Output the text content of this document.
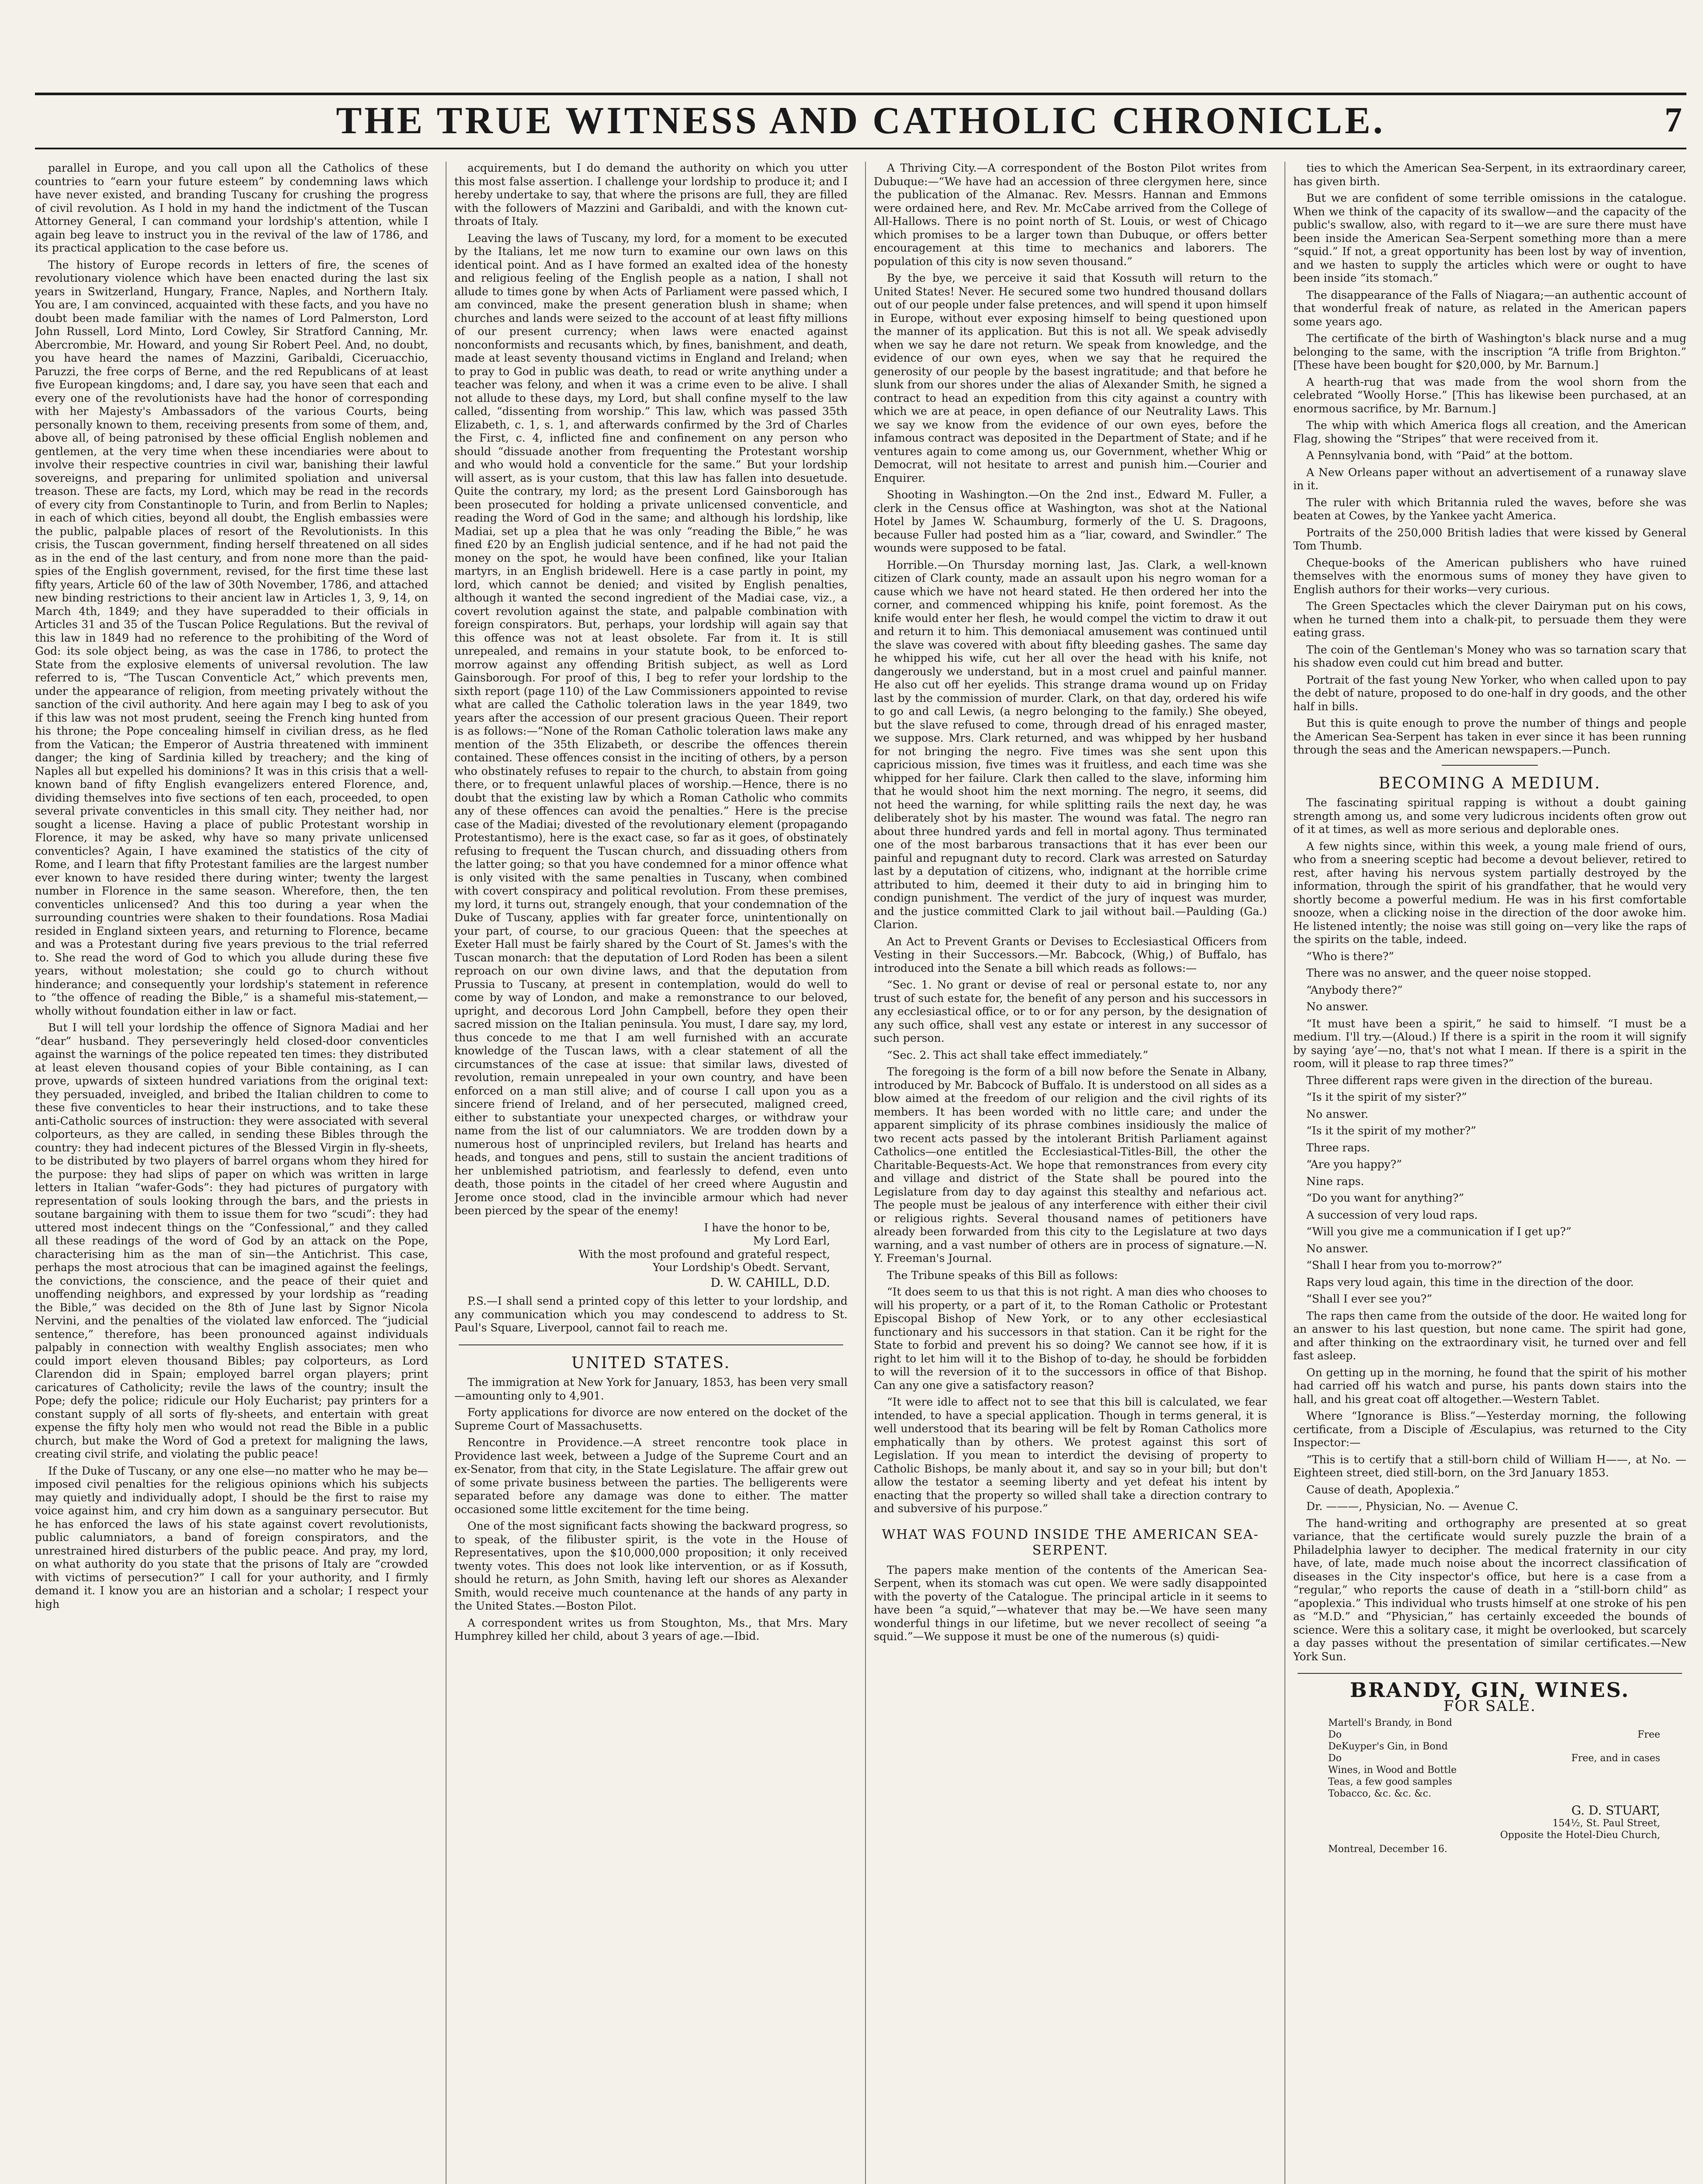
THE TRUE WITNESS AND CATHOLIC CHRONICLE.	7

parallel in Europe, and you call upon all the Catholics of these countries to “earn your future esteem” by condemning laws which have never existed, and branding Tuscany for crushing the progress of civil revolution. As I hold in my hand the indictment of the Tuscan Attorney General, I can command your lordship's attention, while I again beg leave to instruct you in the revival of the law of 1786, and its practical application to the case before us.

The history of Europe records in letters of fire, the scenes of revolutionary violence which have been enacted during the last six years in Switzerland, Hungary, France, Naples, and Northern Italy. You are, I am convinced, acquainted with these facts, and you have no doubt been made familiar with the names of Lord Palmerston, Lord John Russell, Lord Minto, Lord Cowley, Sir Stratford Canning, Mr. Abercrombie, Mr. Howard, and young Sir Robert Peel. And, no doubt, you have heard the names of Mazzini, Garibaldi, Ciceruacchio, Paruzzi, the free corps of Berne, and the red Republicans of at least five European kingdoms; and, I dare say, you have seen that each and every one of the revolutionists have had the honor of corresponding with her Majesty's Ambassadors of the various Courts, being personally known to them, receiving presents from some of them, and, above all, of being patronised by these official English noblemen and gentlemen, at the very time when these incendiaries were about to involve their respective countries in civil war, banishing their lawful sovereigns, and preparing for unlimited spoliation and universal treason. These are facts, my Lord, which may be read in the records of every city from Constantinople to Turin, and from Berlin to Naples; in each of which cities, beyond all doubt, the English embassies were the public, palpable places of resort of the Revolutionists. In this crisis, the Tuscan government, finding herself threatened on all sides as in the end of the last century, and from none more than the paid-spies of the English government, revised, for the first time these last fifty years, Article 60 of the law of 30th November, 1786, and attached new binding restrictions to their ancient law in Articles 1, 3, 9, 14, on March 4th, 1849; and they have superadded to their officials in Articles 31 and 35 of the Tuscan Police Regulations. But the revival of this law in 1849 had no reference to the prohibiting of the Word of God: its sole object being, as was the case in 1786, to protect the State from the explosive elements of universal revolution. The law referred to is, “The Tuscan Conventicle Act,” which prevents men, under the appearance of religion, from meeting privately without the sanction of the civil authority. And here again may I beg to ask of you if this law was not most prudent, seeing the French king hunted from his throne; the Pope concealing himself in civilian dress, as he fled from the Vatican; the Emperor of Austria threatened with imminent danger; the king of Sardinia killed by treachery; and the king of Naples all but expelled his dominions? It was in this crisis that a well-known band of fifty English evangelizers entered Florence, and, dividing themselves into five sections of ten each, proceeded, to open several private conventicles in this small city. They neither had, nor sought a license. Having a place of public Protestant worship in Florence, it may be asked, why have so many private unlicensed conventicles? Again, I have examined the statistics of the city of Rome, and I learn that fifty Protestant families are the largest number ever known to have resided there during winter; twenty the largest number in Florence in the same season. Wherefore, then, the ten conventicles unlicensed? And this too during a year when the surrounding countries were shaken to their foundations. Rosa Madiai resided in England sixteen years, and returning to Florence, became and was a Protestant during five years previous to the trial referred to. She read the word of God to which you allude during these five years, without molestation; she could go to church without hinderance; and consequently your lordship's statement in reference to “the offence of reading the Bible,” is a shameful mis-statement,—wholly without foundation either in law or fact.

But I will tell your lordship the offence of Signora Madiai and her “dear” husband. They perseveringly held closed-door conventicles against the warnings of the police repeated ten times: they distributed at least eleven thousand copies of your Bible containing, as I can prove, upwards of sixteen hundred variations from the original text: they persuaded, inveigled, and bribed the Italian children to come to these five conventicles to hear their instructions, and to take these anti-Catholic sources of instruction: they were associated with several colporteurs, as they are called, in sending these Bibles through the country: they had indecent pictures of the Blessed Virgin in fly-sheets, to be distributed by two players of barrel organs whom they hired for the purpose: they had slips of paper on which was written in large letters in Italian “wafer-Gods”: they had pictures of purgatory with representation of souls looking through the bars, and the priests in soutane bargaining with them to issue them for two “scudi”: they had uttered most indecent things on the “Confessional,” and they called all these readings of the word of God by an attack on the Pope, characterising him as the man of sin—the Antichrist. This case, perhaps the most atrocious that can be imagined against the feelings, the convictions, the conscience, and the peace of their quiet and unoffending neighbors, and expressed by your lordship as “reading the Bible,” was decided on the 8th of June last by Signor Nicola Nervini, and the penalties of the violated law enforced. The “judicial sentence,” therefore, has been pronounced against individuals palpably in connection with wealthy English associates; men who could import eleven thousand Bibles; pay colporteurs, as Lord Clarendon did in Spain; employed barrel organ players; print caricatures of Catholicity; revile the laws of the country; insult the Pope; defy the police; ridicule our Holy Eucharist; pay printers for a constant supply of all sorts of fly-sheets, and entertain with great expense the fifty holy men who would not read the Bible in a public church, but make the Word of God a pretext for maligning the laws, creating civil strife, and violating the public peace!

If the Duke of Tuscany, or any one else—no matter who he may be—imposed civil penalties for the religious opinions which his subjects may quietly and individually adopt, I should be the first to raise my voice against him, and cry him down as a sanguinary persecutor. But he has enforced the laws of his state against covert revolutionists, public calumniators, a band of foreign conspirators, and the unrestrained hired disturbers of the public peace. And pray, my lord, on what authority do you state that the prisons of Italy are “crowded with victims of persecution?” I call for your authority, and I firmly demand it. I know you are an historian and a scholar; I respect your high

acquirements, but I do demand the authority on which you utter this most false assertion. I challenge your lordship to produce it; and I hereby undertake to say, that where the prisons are full, they are filled with the followers of Mazzini and Garibaldi, and with the known cut-throats of Italy.

Leaving the laws of Tuscany, my lord, for a moment to be executed by the Italians, let me now turn to examine our own laws on this identical point. And as I have formed an exalted idea of the honesty and religious feeling of the English people as a nation, I shall not allude to times gone by when Acts of Parliament were passed which, I am convinced, make the present generation blush in shame; when churches and lands were seized to the account of at least fifty millions of our present currency; when laws were enacted against nonconformists and recusants which, by fines, banishment, and death, made at least seventy thousand victims in England and Ireland; when to pray to God in public was death, to read or write anything under a teacher was felony, and when it was a crime even to be alive. I shall not allude to these days, my Lord, but shall confine myself to the law called, “dissenting from worship.” This law, which was passed 35th Elizabeth, c. 1, s. 1, and afterwards confirmed by the 3rd of Charles the First, c. 4, inflicted fine and confinement on any person who should “dissuade another from frequenting the Protestant worship and who would hold a conventicle for the same.” But your lordship will assert, as is your custom, that this law has fallen into desuetude. Quite the contrary, my lord; as the present Lord Gainsborough has been prosecuted for holding a private unlicensed conventicle, and reading the Word of God in the same; and although his lordship, like Madiai, set up a plea that he was only “reading the Bible,” he was fined £20 by an English judicial sentence, and if he had not paid the money on the spot, he would have been confined, like your Italian martyrs, in an English bridewell. Here is a case partly in point, my lord, which cannot be denied; and visited by English penalties, although it wanted the second ingredient of the Madiai case, viz., a covert revolution against the state, and palpable combination with foreign conspirators. But, perhaps, your lordship will again say that this offence was not at least obsolete. Far from it. It is still unrepealed, and remains in your statute book, to be enforced to-morrow against any offending British subject, as well as Lord Gainsborough. For proof of this, I beg to refer your lordship to the sixth report (page 110) of the Law Commissioners appointed to revise what are called the Catholic toleration laws in the year 1849, two years after the accession of our present gracious Queen. Their report is as follows:—“None of the Roman Catholic toleration laws make any mention of the 35th Elizabeth, or describe the offences therein contained. These offences consist in the inciting of others, by a person who obstinately refuses to repair to the church, to abstain from going there, or to frequent unlawful places of worship.—Hence, there is no doubt that the existing law by which a Roman Catholic who commits any of these offences can avoid the penalties.” Here is the precise case of the Madiai; divested of the revolutionary element (propagando Protestantismo), here is the exact case, so far as it goes, of obstinately refusing to frequent the Tuscan church, and dissuading others from the latter going; so that you have condemned for a minor offence what is only visited with the same penalties in Tuscany, when combined with covert conspiracy and political revolution. From these premises, my lord, it turns out, strangely enough, that your condemnation of the Duke of Tuscany, applies with far greater force, unintentionally on your part, of course, to our gracious Queen: that the speeches at Exeter Hall must be fairly shared by the Court of St. James's with the Tuscan monarch: that the deputation of Lord Roden has been a silent reproach on our own divine laws, and that the deputation from Prussia to Tuscany, at present in contemplation, would do well to come by way of London, and make a remonstrance to our beloved, upright, and decorous Lord John Campbell, before they open their sacred mission on the Italian peninsula. You must, I dare say, my lord, thus concede to me that I am well furnished with an accurate knowledge of the Tuscan laws, with a clear statement of all the circumstances of the case at issue: that similar laws, divested of revolution, remain unrepealed in your own country, and have been enforced on a man still alive; and of course I call upon you as a sincere friend of Ireland, and of her persecuted, maligned creed, either to substantiate your unexpected charges, or withdraw your name from the list of our calumniators. We are trodden down by a numerous host of unprincipled revilers, but Ireland has hearts and heads, and tongues and pens, still to sustain the ancient traditions of her unblemished patriotism, and fearlessly to defend, even unto death, those points in the citadel of her creed where Augustin and Jerome once stood, clad in the invincible armour which had never been pierced by the spear of the enemy!

I have the honor to be,

My Lord Earl,

With the most profound and grateful respect,

Your Lordship's Obedt. Servant,

D. W. CAHILL, D.D.

P.S.—I shall send a printed copy of this letter to your lordship, and any communication which you may condescend to address to St. Paul's Square, Liverpool, cannot fail to reach me.

UNITED STATES.

The immigration at New York for January, 1853, has been very small—amounting only to 4,901.

Forty applications for divorce are now entered on the docket of the Supreme Court of Massachusetts.

Rencontre in Providence.—A street rencontre took place in Providence last week, between a Judge of the Supreme Court and an ex-Senator, from that city, in the State Legislature. The affair grew out of some private business between the parties. The belligerents were separated before any damage was done to either. The matter occasioned some little excitement for the time being.

One of the most significant facts showing the backward progress, so to speak, of the filibuster spirit, is the vote in the House of Representatives, upon the $10,000,000 proposition; it only received twenty votes. This does not look like intervention, or as if Kossuth, should he return, as John Smith, having left our shores as Alexander Smith, would receive much countenance at the hands of any party in the United States.—Boston Pilot.

A correspondent writes us from Stoughton, Ms., that Mrs. Mary Humphrey killed her child, about 3 years of age.—Ibid.

A Thriving City.—A correspondent of the Boston Pilot writes from Dubuque:—“We have had an accession of three clergymen here, since the publication of the Almanac. Rev. Messrs. Hannan and Emmons were ordained here, and Rev. Mr. McCabe arrived from the College of All-Hallows. There is no point north of St. Louis, or west of Chicago which promises to be a larger town than Dubuque, or offers better encouragement at this time to mechanics and laborers. The population of this city is now seven thousand.”

By the bye, we perceive it said that Kossuth will return to the United States! Never. He secured some two hundred thousand dollars out of our people under false pretences, and will spend it upon himself in Europe, without ever exposing himself to being questioned upon the manner of its application. But this is not all. We speak advisedly when we say he dare not return. We speak from knowledge, and the evidence of our own eyes, when we say that he required the generosity of our people by the basest ingratitude; and that before he slunk from our shores under the alias of Alexander Smith, he signed a contract to head an expedition from this city against a country with which we are at peace, in open defiance of our Neutrality Laws. This we say we know from the evidence of our own eyes, before the infamous contract was deposited in the Department of State; and if he ventures again to come among us, our Government, whether Whig or Democrat, will not hesitate to arrest and punish him.—Courier and Enquirer.

Shooting in Washington.—On the 2nd inst., Edward M. Fuller, a clerk in the Census office at Washington, was shot at the National Hotel by James W. Schaumburg, formerly of the U. S. Dragoons, because Fuller had posted him as a “liar, coward, and Swindler.” The wounds were supposed to be fatal.

Horrible.—On Thursday morning last, Jas. Clark, a well-known citizen of Clark county, made an assault upon his negro woman for a cause which we have not heard stated. He then ordered her into the corner, and commenced whipping his knife, point foremost. As the knife would enter her flesh, he would compel the victim to draw it out and return it to him. This demoniacal amusement was continued until the slave was covered with about fifty bleeding gashes. The same day he whipped his wife, cut her all over the head with his knife, not dangerously we understand, but in a most cruel and painful manner. He also cut off her eyelids. This strange drama wound up on Friday last by the commission of murder. Clark, on that day, ordered his wife to go and call Lewis, (a negro belonging to the family.) She obeyed, but the slave refused to come, through dread of his enraged master, we suppose. Mrs. Clark returned, and was whipped by her husband for not bringing the negro. Five times was she sent upon this capricious mission, five times was it fruitless, and each time was she whipped for her failure. Clark then called to the slave, informing him that he would shoot him the next morning. The negro, it seems, did not heed the warning, for while splitting rails the next day, he was deliberately shot by his master. The wound was fatal. The negro ran about three hundred yards and fell in mortal agony. Thus terminated one of the most barbarous transactions that it has ever been our painful and repugnant duty to record. Clark was arrested on Saturday last by a deputation of citizens, who, indignant at the horrible crime attributed to him, deemed it their duty to aid in bringing him to condign punishment. The verdict of the jury of inquest was murder, and the justice committed Clark to jail without bail.—Paulding (Ga.) Clarion.

An Act to Prevent Grants or Devises to Ecclesiastical Officers from Vesting in their Successors.—Mr. Babcock, (Whig,) of Buffalo, has introduced into the Senate a bill which reads as follows:—

“Sec. 1. No grant or devise of real or personal estate to, nor any trust of such estate for, the benefit of any person and his successors in any ecclesiastical office, or to or for any person, by the designation of any such office, shall vest any estate or interest in any successor of such person.

“Sec. 2. This act shall take effect immediately.”

The foregoing is the form of a bill now before the Senate in Albany, introduced by Mr. Babcock of Buffalo. It is understood on all sides as a blow aimed at the freedom of our religion and the civil rights of its members. It has been worded with no little care; and under the apparent simplicity of its phrase combines insidiously the malice of two recent acts passed by the intolerant British Parliament against Catholics—one entitled the Ecclesiastical-Titles-Bill, the other the Charitable-Bequests-Act. We hope that remonstrances from every city and village and district of the State shall be poured into the Legislature from day to day against this stealthy and nefarious act. The people must be jealous of any interference with either their civil or religious rights. Several thousand names of petitioners have already been forwarded from this city to the Legislature at two days warning, and a vast number of others are in process of signature.—N. Y. Freeman's Journal.

The Tribune speaks of this Bill as follows:

“It does seem to us that this is not right. A man dies who chooses to will his property, or a part of it, to the Roman Catholic or Protestant Episcopal Bishop of New York, or to any other ecclesiastical functionary and his successors in that station. Can it be right for the State to forbid and prevent his so doing? We cannot see how, if it is right to let him will it to the Bishop of to-day, he should be forbidden to will the reversion of it to the successors in office of that Bishop. Can any one give a satisfactory reason?

“It were idle to affect not to see that this bill is calculated, we fear intended, to have a special application. Though in terms general, it is well understood that its bearing will be felt by Roman Catholics more emphatically than by others. We protest against this sort of Legislation. If you mean to interdict the devising of property to Catholic Bishops, be manly about it, and say so in your bill; but don't allow the testator a seeming liberty and yet defeat his intent by enacting that the property so willed shall take a direction contrary to and subversive of his purpose.”

WHAT WAS FOUND INSIDE THE AMERICAN SEA-SERPENT.

The papers make mention of the contents of the American Sea-Serpent, when its stomach was cut open. We were sadly disappointed with the poverty of the Catalogue. The principal article in it seems to have been “a squid,”—whatever that may be.—We have seen many wonderful things in our lifetime, but we never recollect of seeing “a squid.”—We suppose it must be one of the numerous (s) quidi-

ties to which the American Sea-Serpent, in its extraordinary career, has given birth.

But we are confident of some terrible omissions in the catalogue. When we think of the capacity of its swallow—and the capacity of the public's swallow, also, with regard to it—we are sure there must have been inside the American Sea-Serpent something more than a mere “squid.” If not, a great opportunity has been lost by way of invention, and we hasten to supply the articles which were or ought to have been inside “its stomach.”

The disappearance of the Falls of Niagara;—an authentic account of that wonderful freak of nature, as related in the American papers some years ago.

The certificate of the birth of Washington's black nurse and a mug belonging to the same, with the inscription “A trifle from Brighton.” [These have been bought for $20,000, by Mr. Barnum.]

A hearth-rug that was made from the wool shorn from the celebrated “Woolly Horse.” [This has likewise been purchased, at an enormous sacrifice, by Mr. Barnum.]

The whip with which America flogs all creation, and the American Flag, showing the “Stripes” that were received from it.

A Pennsylvania bond, with “Paid” at the bottom.

A New Orleans paper without an advertisement of a runaway slave in it.

The ruler with which Britannia ruled the waves, before she was beaten at Cowes, by the Yankee yacht America.

Portraits of the 250,000 British ladies that were kissed by General Tom Thumb.

Cheque-books of the American publishers who have ruined themselves with the enormous sums of money they have given to English authors for their works—very curious.

The Green Spectacles which the clever Dairyman put on his cows, when he turned them into a chalk-pit, to persuade them they were eating grass.

The coin of the Gentleman's Money who was so tarnation scary that his shadow even could cut him bread and butter.

Portrait of the fast young New Yorker, who when called upon to pay the debt of nature, proposed to do one-half in dry goods, and the other half in bills.

But this is quite enough to prove the number of things and people the American Sea-Serpent has taken in ever since it has been running through the seas and the American newspapers.—Punch.

BECOMING A MEDIUM.

The fascinating spiritual rapping is without a doubt gaining strength among us, and some very ludicrous incidents often grow out of it at times, as well as more serious and deplorable ones.

A few nights since, within this week, a young male friend of ours, who from a sneering sceptic had become a devout believer, retired to rest, after having his nervous system partially destroyed by the information, through the spirit of his grandfather, that he would very shortly become a powerful medium. He was in his first comfortable snooze, when a clicking noise in the direction of the door awoke him. He listened intently; the noise was still going on—very like the raps of the spirits on the table, indeed.

“Who is there?”

There was no answer, and the queer noise stopped.

“Anybody there?”

No answer.

“It must have been a spirit,” he said to himself. “I must be a medium. I'll try.—(Aloud.) If there is a spirit in the room it will signify by saying ‘aye’—no, that's not what I mean. If there is a spirit in the room, will it please to rap three times?”

Three different raps were given in the direction of the bureau.

“Is it the spirit of my sister?”

No answer.

“Is it the spirit of my mother?”

Three raps.

“Are you happy?”

Nine raps.

“Do you want for anything?”

A succession of very loud raps.

“Will you give me a communication if I get up?”

No answer.

“Shall I hear from you to-morrow?”

Raps very loud again, this time in the direction of the door.

“Shall I ever see you?”

The raps then came from the outside of the door. He waited long for an answer to his last question, but none came. The spirit had gone, and after thinking on the extraordinary visit, he turned over and fell fast asleep.

On getting up in the morning, he found that the spirit of his mother had carried off his watch and purse, his pants down stairs into the hall, and his great coat off altogether.—Western Tablet.

Where “Ignorance is Bliss.”—Yesterday morning, the following certificate, from a Disciple of Æsculapius, was returned to the City Inspector:—

“This is to certify that a still-born child of William H——, at No. — Eighteen street, died still-born, on the 3rd January 1853.

Cause of death, Apoplexia.”

Dr. ———, Physician, No. — Avenue C.

The hand-writing and orthography are presented at so great variance, that the certificate would surely puzzle the brain of a Philadelphia lawyer to decipher. The medical fraternity in our city have, of late, made much noise about the incorrect classification of diseases in the City inspector's office, but here is a case from a “regular,” who reports the cause of death in a “still-born child” as “apoplexia.” This individual who trusts himself at one stroke of his pen as “M.D.” and “Physician,” has certainly exceeded the bounds of science. Were this a solitary case, it might be overlooked, but scarcely a day passes without the presentation of similar certificates.—New York Sun.

BRANDY, GIN, WINES.
FOR SALE.
Martell's Brandy, in Bond
Do	Free
DeKuyper's Gin, in Bond
Do	Free, and in cases
Wines, in Wood and Bottle
Teas, a few good samples
Tobacco, &c. &c. &c.
G. D. STUART,
154½, St. Paul Street,
Opposite the Hotel-Dieu Church,
Montreal, December 16.
